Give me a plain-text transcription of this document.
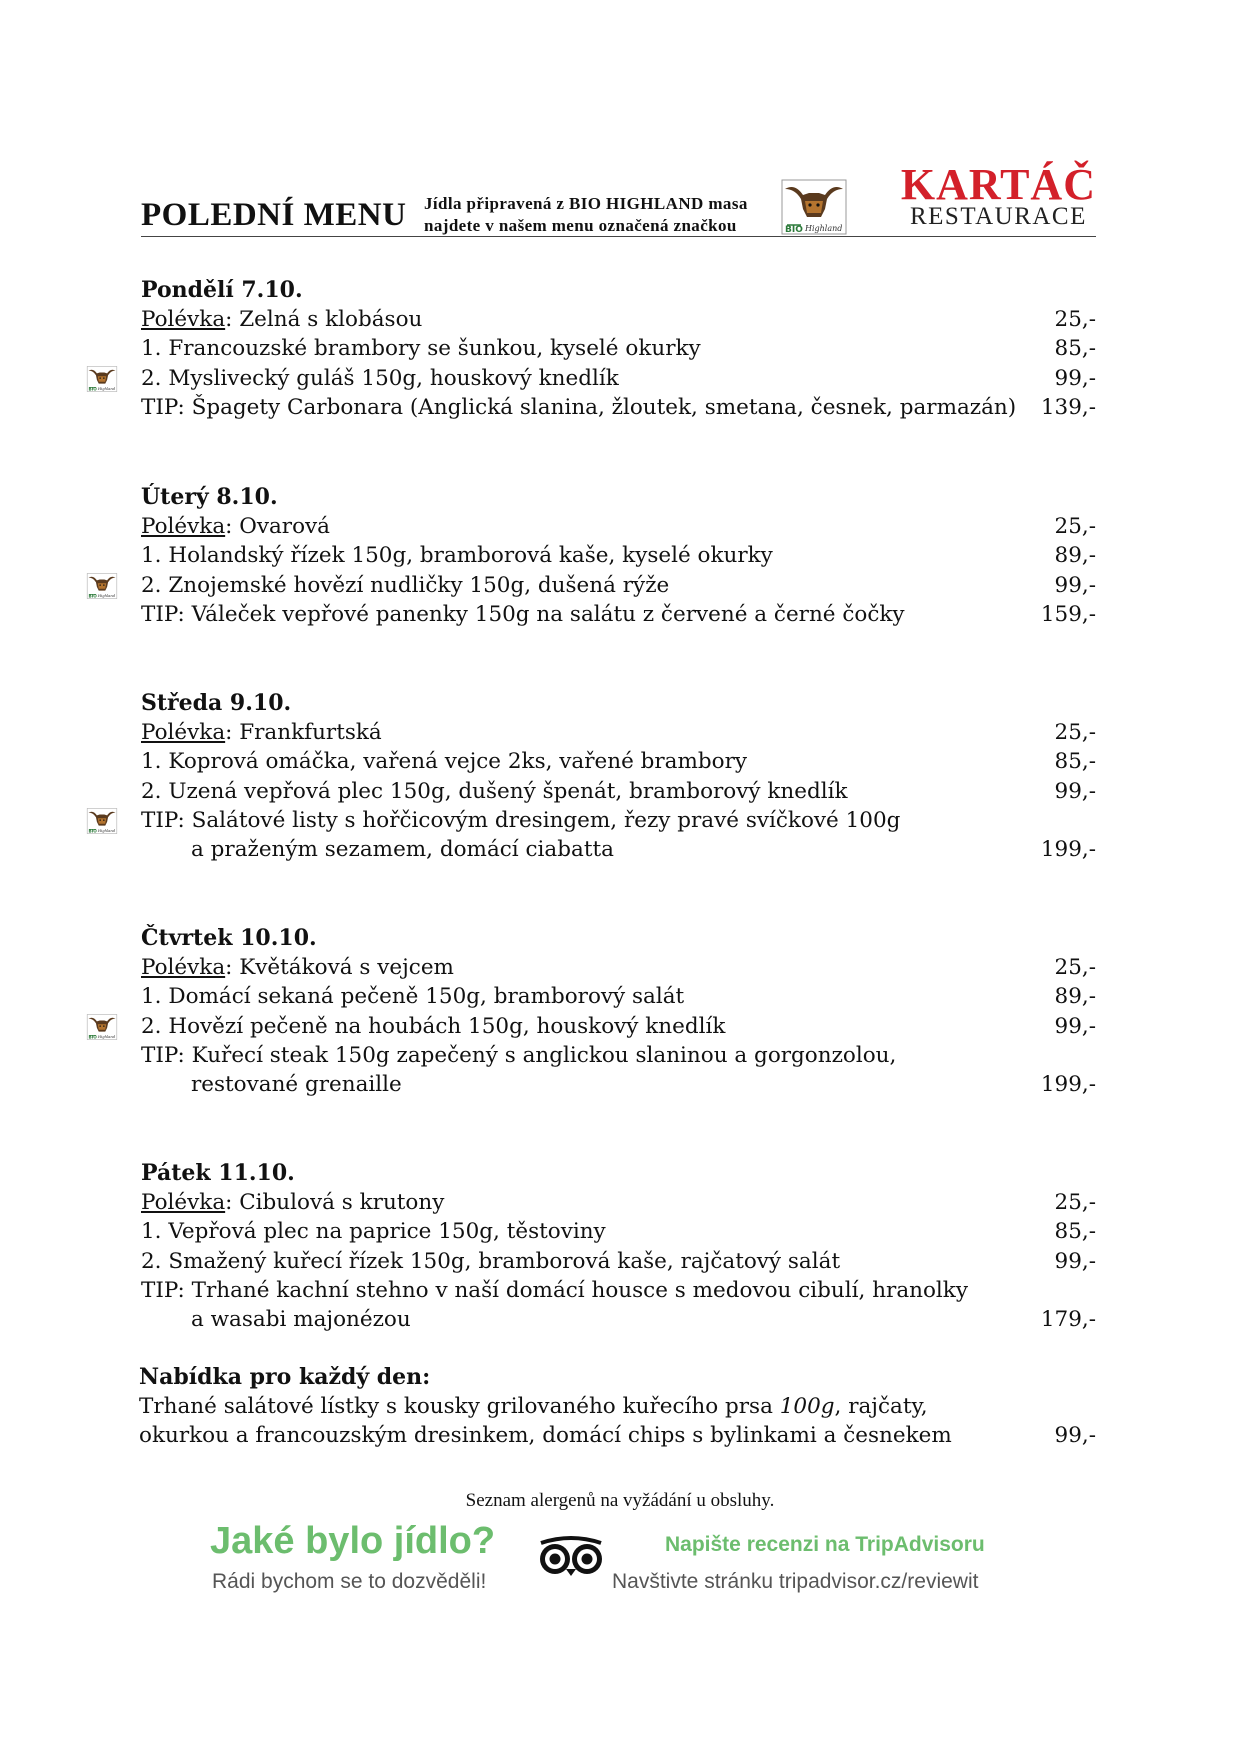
POLEDNÍ MENU Jídla připravená z BIO HIGHLAND masa
najdete v našem menu označená značkou
KARTÁČ
RESTAURACE
Pondělí 7.10.
Polévka: Zelná s klobásou	25,-
1. Francouzské brambory se šunkou, kyselé okurky	85,-
2. Myslivecký guláš 150g, houskový knedlík	99,-
TIP: Špagety Carbonara (Anglická slanina, žloutek, smetana, česnek, parmazán) 139,-
Úterý 8.10.
Polévka: Ovarová	25,-
1. Holandský řízek 150g, bramborová kaše, kyselé okurky	89,-
2. Znojemské hovězí nudličky 150g, dušená rýže	99,-
TIP: Váleček vepřové panenky 150g na salátu z červené a černé čočky	159,-
Středa 9.10.
Polévka: Frankfurtská	25,-
1. Koprová omáčka, vařená vejce 2ks, vařené brambory	85,-
2. Uzená vepřová plec 150g, dušený špenát, bramborový knedlík	99,-
TIP: Salátové listy s hořčicovým dresingem, řezy pravé svíčkové 100g
a praženým sezamem, domácí ciabatta	199,-
Čtvrtek 10.10.
Polévka: Květáková s vejcem	25,-
1. Domácí sekaná pečeně 150g, bramborový salát	89,-
2. Hovězí pečeně na houbách 150g, houskový knedlík	99,-
TIP: Kuřecí steak 150g zapečený s anglickou slaninou a gorgonzolou,
restované grenaille	199,-
Pátek 11.10.
Polévka: Cibulová s krutony	25,-
1. Vepřová plec na paprice 150g, těstoviny	85,-
2. Smažený kuřecí řízek 150g, bramborová kaše, rajčatový salát	99,-
TIP: Trhané kachní stehno v naší domácí housce s medovou cibulí, hranolky
a wasabi majonézou	179,-
Nabídka pro každý den:
Trhané salátové lístky s kousky grilovaného kuřecího prsa 100g, rajčaty,
okurkou a francouzským dresinkem, domácí chips s bylinkami a česnekem	99,-
Seznam alergenů na vyžádání u obsluhy.
Jaké bylo jídlo?
Rádi bychom se to dozvěděli!
Napište recenzi na TripAdvisoru
Navštivte stránku tripadvisor.cz/reviewit
